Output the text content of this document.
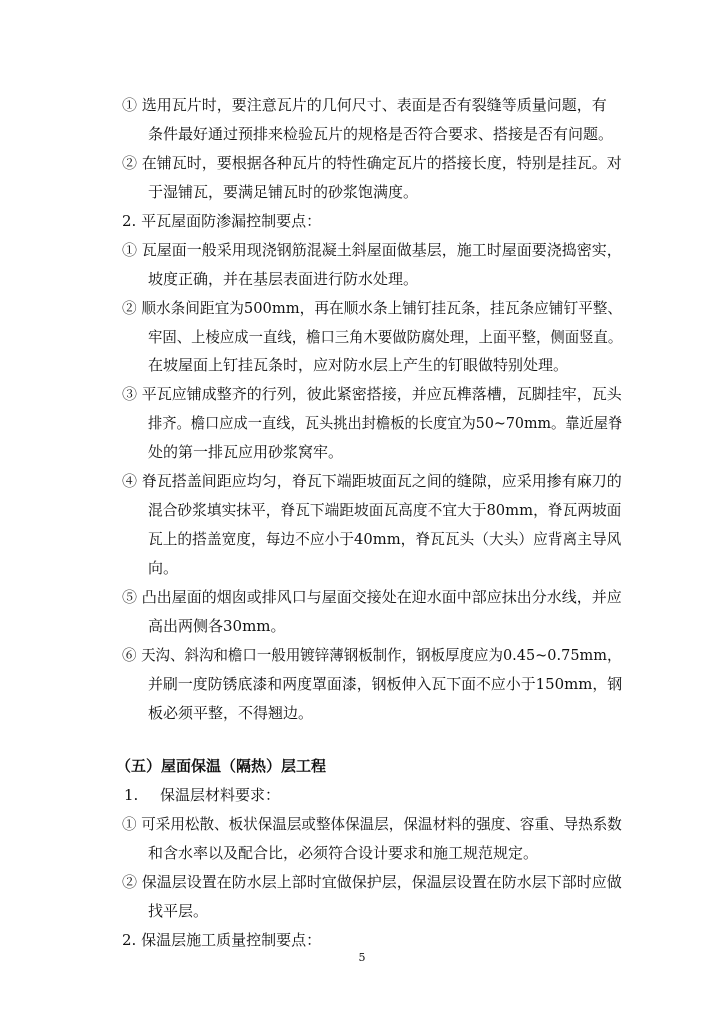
① 选用瓦片时，要注意瓦片的几何尺寸、表面是否有裂缝等质量问题，有
条件最好通过预排来检验瓦片的规格是否符合要求、搭接是否有问题。
② 在铺瓦时，要根据各种瓦片的特性确定瓦片的搭接长度，特别是挂瓦。对
于湿铺瓦，要满足铺瓦时的砂浆饱满度。
2. 平瓦屋面防渗漏控制要点：
① 瓦屋面一般采用现浇钢筋混凝土斜屋面做基层，施工时屋面要浇捣密实，
坡度正确，并在基层表面进行防水处理。
② 顺水条间距宜为500mm，再在顺水条上铺钉挂瓦条，挂瓦条应铺钉平整、
牢固、上棱应成一直线，檐口三角木要做防腐处理，上面平整，侧面竖直。
在坡屋面上钉挂瓦条时，应对防水层上产生的钉眼做特别处理。
③ 平瓦应铺成整齐的行列，彼此紧密搭接，并应瓦榫落槽，瓦脚挂牢，瓦头
排齐。檐口应成一直线，瓦头挑出封檐板的长度宜为50~70mm。靠近屋脊
处的第一排瓦应用砂浆窝牢。
④ 脊瓦搭盖间距应均匀，脊瓦下端距坡面瓦之间的缝隙，应采用掺有麻刀的
混合砂浆填实抹平，脊瓦下端距坡面瓦高度不宜大于80mm，脊瓦两坡面
瓦上的搭盖宽度，每边不应小于40mm，脊瓦瓦头（大头）应背离主导风
向。
⑤ 凸出屋面的烟囱或排风口与屋面交接处在迎水面中部应抹出分水线，并应
高出两侧各30mm。
⑥ 天沟、斜沟和檐口一般用镀锌薄钢板制作，钢板厚度应为0.45~0.75mm，
并刷一度防锈底漆和两度罩面漆，钢板伸入瓦下面不应小于150mm，钢
板必须平整，不得翘边。
（五）屋面保温（隔热）层工程
1. 保温层材料要求：
① 可采用松散、板状保温层或整体保温层，保温材料的强度、容重、导热系数
和含水率以及配合比，必须符合设计要求和施工规范规定。
② 保温层设置在防水层上部时宜做保护层，保温层设置在防水层下部时应做
找平层。
2. 保温层施工质量控制要点：
5
